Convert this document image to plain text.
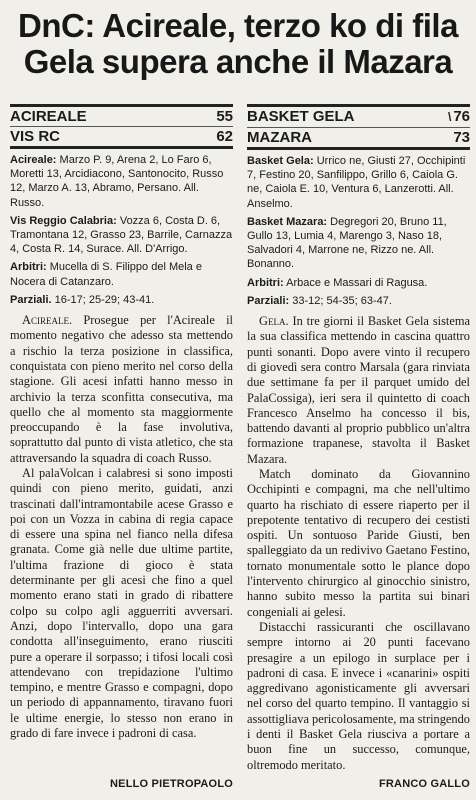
DnC: Acireale, terzo ko di fila
Gela supera anche il Mazara
ACIREALE	55
VIS RC	62

Acireale: Marzo P. 9, Arena 2, Lo Faro 6, Moretti 13, Arcidiacono, Santonocito, Russo 12, Marzo A. 13, Abramo, Persano. All. Russo.

Vis Reggio Calabria: Vozza 6, Costa D. 6, Tramontana 12, Grasso 23, Barrile, Carnazza 4, Costa R. 14, Surace. All. D'Arrigo.

Arbitri: Mucella di S. Filippo del Mela e Nocera di Catanzaro.

Parziali. 16-17; 25-29; 43-41.

Acireale. Prosegue per l'Acireale il momento negativo che adesso sta mettendo a rischio la terza posizione in classifica, conquistata con pieno merito nel corso della stagione. Gli acesi infatti hanno messo in archivio la terza sconfitta consecutiva, ma quello che al momento sta maggiormente preoccupando è la fase involutiva, soprattutto dal punto di vista atletico, che sta attraversando la squadra di coach Russo.

Al palaVolcan i calabresi si sono imposti quindi con pieno merito, guidati, anzi trascinati dall'intramontabile acese Grasso e poi con un Vozza in cabina di regia capace di essere una spina nel fianco nella difesa granata. Come già nelle due ultime partite, l'ultima frazione di gioco è stata determinante per gli acesi che fino a quel momento erano stati in grado di ribattere colpo su colpo agli agguerriti avversari. Anzi, dopo l'intervallo, dopo una gara condotta all'inseguimento, erano riusciti pure a operare il sorpasso; i tifosi locali così attendevano con trepidazione l'ultimo tempino, e mentre Grasso e compagni, dopo un periodo di appannamento, tiravano fuori le ultime energie, lo stesso non erano in grado di fare invece i padroni di casa.

NELLO PIETROPAOLO
BASKET GELA	\ 76
MAZARA	73

Basket Gela: Urrico ne, Giusti 27, Occhipinti 7, Festino 20, Sanfilippo, Grillo 6, Caiola G. ne, Caiola E. 10, Ventura 6, Lanzerotti. All. Anselmo.

Basket Mazara: Degregori 20, Bruno 11, Gullo 13, Lumia 4, Marengo 3, Naso 18, Salvadori 4, Marrone ne, Rizzo ne. All. Bonanno.

Arbitri: Arbace e Massari di Ragusa.

Parziali: 33-12; 54-35; 63-47.

Gela. In tre giorni il Basket Gela sistema la sua classifica mettendo in cascina quattro punti sonanti. Dopo avere vinto il recupero di giovedì sera contro Marsala (gara rinviata due settimane fa per il parquet umido del PalaCossiga), ieri sera il quintetto di coach Francesco Anselmo ha concesso il bis, battendo davanti al proprio pubblico un'altra formazione trapanese, stavolta il Basket Mazara.

Match dominato da Giovannino Occhipinti e compagni, ma che nell'ultimo quarto ha rischiato di essere riaperto per il prepotente tentativo di recupero dei cestisti ospiti. Un sontuoso Paride Giusti, ben spalleggiato da un redivivo Gaetano Festino, tornato monumentale sotto le plance dopo l'intervento chirurgico al ginocchio sinistro, hanno subito messo la partita sui binari congeniali ai gelesi.

Distacchi rassicuranti che oscillavano sempre intorno ai 20 punti facevano presagire a un epilogo in surplace per i padroni di casa. E invece i «canarini» ospiti aggredivano agonisticamente gli avversari nel corso del quarto tempino. Il vantaggio si assottigliava pericolosamente, ma stringendo i denti il Basket Gela riusciva a portare a buon fine un successo, comunque, oltremodo meritato.

FRANCO GALLO
